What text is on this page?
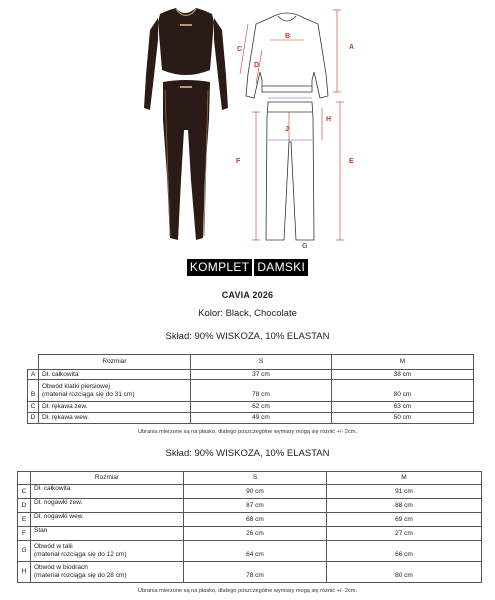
A
B
C
D
E
F
G
H
J
KOMPLET DAMSKI
CAVIA 2026
Kolor: Black, Chocolate
Skład: 90% WISKOZA, 10% ELASTAN
	Rozmiar	S	M
A	Dł. całkowita	37 cm	38 cm
B	Obwód klatki piersiowej
(materiał rozciąga się do 31 cm)	78 cm	80 cm
C	Dł. rękawa zew.	62 cm	63 cm
D	Dł. rękawa wew.	49 cm	50 cm
Ubrania mierzone są na płasko, dlatego poszczególne wymiary mogą się różnić +/- 2cm.
Skład: 90% WISKOZA, 10% ELASTAN
	Rozmiar	S	M
C	Dł. całkowita	90 cm	91 cm
D	Dł. nogawki zew.	87 cm	88 cm
E	Dł. nogawki wew.	68 cm	69 cm
F	Stan	26 cm	27 cm
G	Obwód w talii
(materiał rozciąga się do 12 cm)	64 cm	66 cm
H	Obwód w biodrach
(materiał rozciąga się do 28 cm)	78 cm	80 cm
Ubrania mierzone są na płasko, dlatego poszczególne wymiary mogą się różnić +/- 2cm.
